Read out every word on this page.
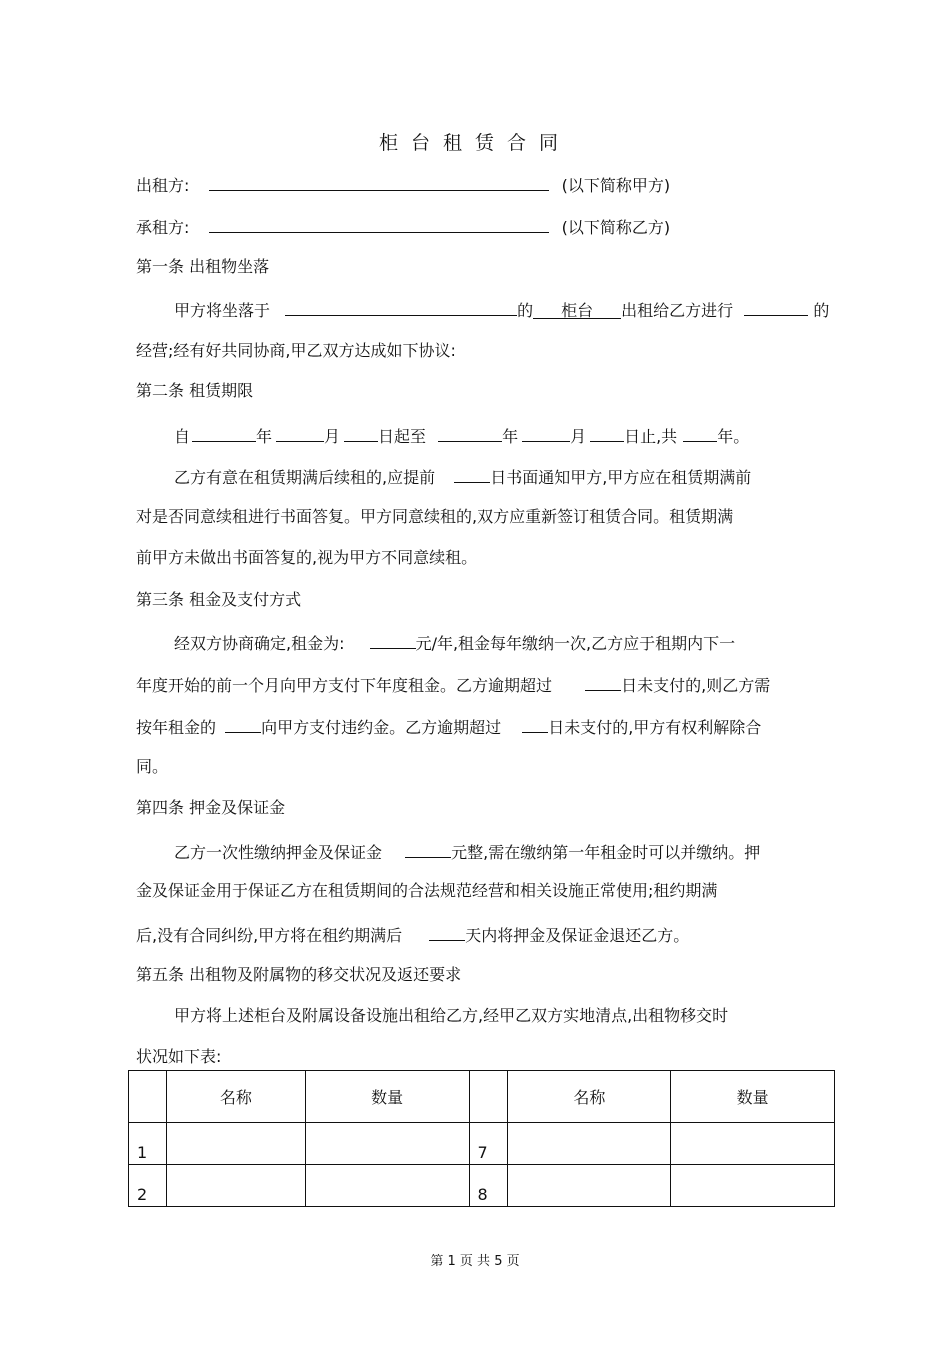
柜台租赁合同
出租方:	(以下简称甲方)
承租方:	(以下简称乙方)
第一条 出租物坐落
甲方将坐落于	的 柜台 出租给乙方进行	的
经营;经有好共同协商,甲乙双方达成如下协议:
第二条 租赁期限
自	年	月 日起至	年	月 日止,共	年。
乙方有意在租赁期满后续租的,应提前	日书面通知甲方,甲方应在租赁期满前
对是否同意续租进行书面答复。甲方同意续租的,双方应重新签订租赁合同。租赁期满
前甲方未做出书面答复的,视为甲方不同意续租。
第三条 租金及支付方式
经双方协商确定,租金为:	元/年,租金每年缴纳一次,乙方应于租期内下一
年度开始的前一个月向甲方支付下年度租金。乙方逾期超过	日未支付的,则乙方需
按年租金的	向甲方支付违约金。乙方逾期超过	日未支付的,甲方有权利解除合
同。
第四条 押金及保证金
乙方一次性缴纳押金及保证金	元整,需在缴纳第一年租金时可以并缴纳。押
金及保证金用于保证乙方在租赁期间的合法规范经营和相关设施正常使用;租约期满
后,没有合同纠纷,甲方将在租约期满后	天内将押金及保证金退还乙方。
第五条 出租物及附属物的移交状况及返还要求
甲方将上述柜台及附属设备设施出租给乙方,经甲乙双方实地清点,出租物移交时
状况如下表:
	名称	数量		名称	数量
1			7		
2			8		
第 1 页 共 5 页
